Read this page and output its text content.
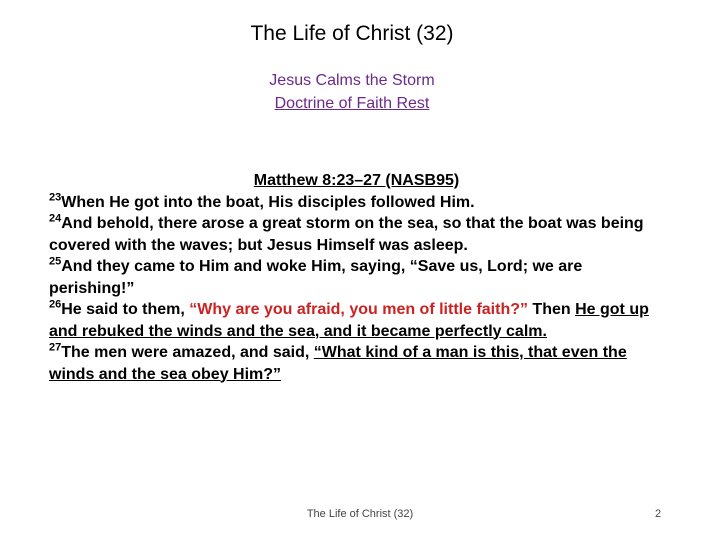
The Life of Christ (32)
Jesus Calms the Storm
Doctrine of Faith Rest
Matthew 8:23–27 (NASB95)
$^{23}$When He got into the boat, His disciples followed Him.
$^{24}$And behold, there arose a great storm on the sea, so that the boat was being covered with the waves; but Jesus Himself was asleep.
$^{25}$And they came to Him and woke Him, saying, “Save us, Lord; we are perishing!”
$^{26}$He said to them, “Why are you afraid, you men of little faith?” Then He got up and rebuked the winds and the sea, and it became perfectly calm.
$^{27}$The men were amazed, and said, “What kind of a man is this, that even the winds and the sea obey Him?”
The Life of Christ (32)	2
